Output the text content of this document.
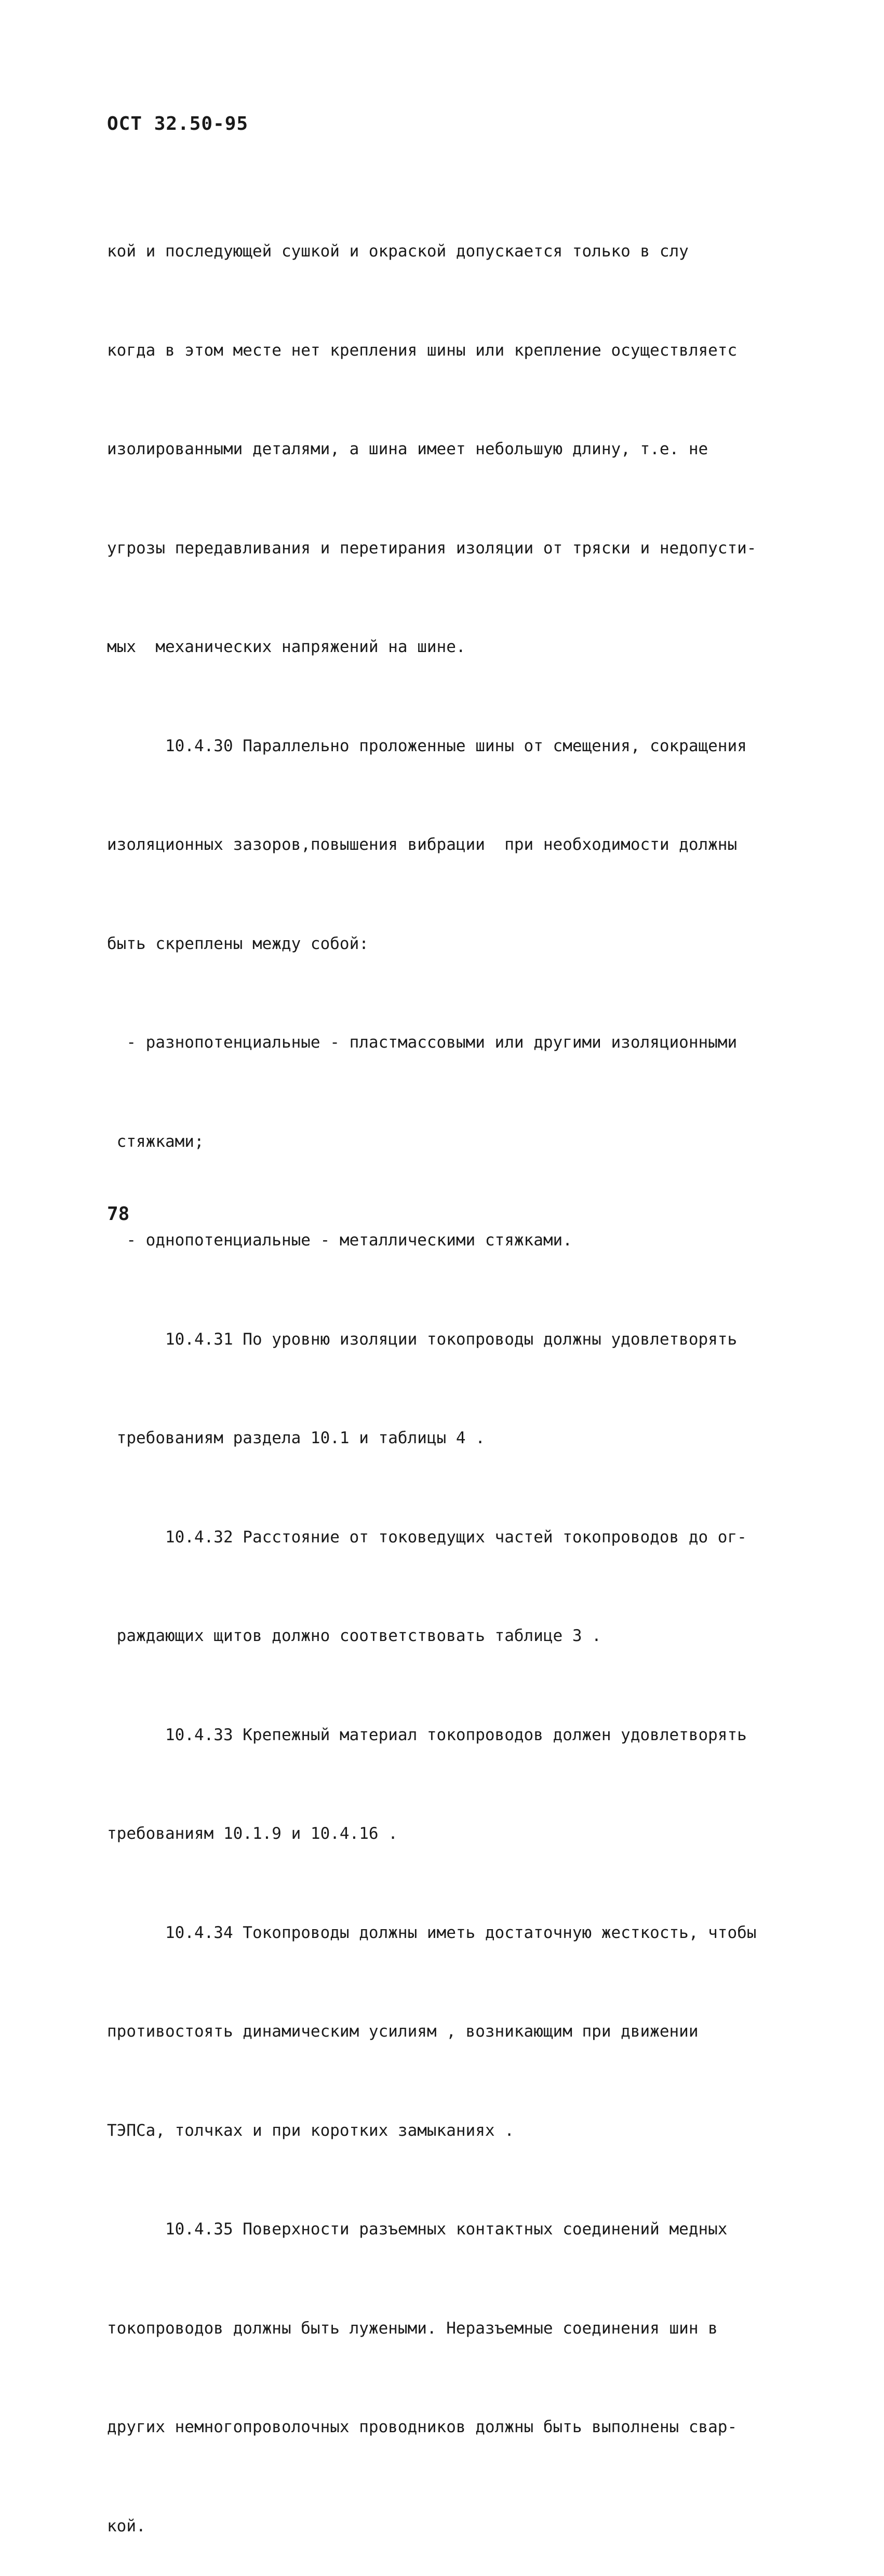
ОСТ 32.50-95

кой и последующей сушкой и окраской допускается только в слу

когда в этом месте нет крепления шины или крепление осуществляетс

изолированными деталями, а шина имеет небольшую длину, т.е. не

угрозы передавливания и перетирания изоляции от тряски и недопусти-

мых  механических напряжений на шине.

10.4.30 Параллельно проложенные шины от смещения, сокращения

изоляционных зазоров,повышения вибрации  при необходимости должны

быть скреплены между собой:

- разнопотенциальные - пластмассовыми или другими изоляционными

стяжками;

- однопотенциальные - металлическими стяжками.

10.4.31 По уровню изоляции токопроводы должны удовлетворять

требованиям раздела 10.1 и таблицы 4 .

10.4.32 Расстояние от токоведущих частей токопроводов до ог-

раждающих щитов должно соответствовать таблице 3 .

10.4.33 Крепежный материал токопроводов должен удовлетворять

требованиям 10.1.9 и 10.4.16 .

10.4.34 Токопроводы должны иметь достаточную жесткость, чтобы

противостоять динамическим усилиям , возникающим при движении

ТЭПСа, толчках и при коротких замыканиях .

10.4.35 Поверхности разъемных контактных соединений медных

токопроводов должны быть лужеными. Неразъемные соединения шин в

других немногопроволочных проводников должны быть выполнены свар-

кой.

78
